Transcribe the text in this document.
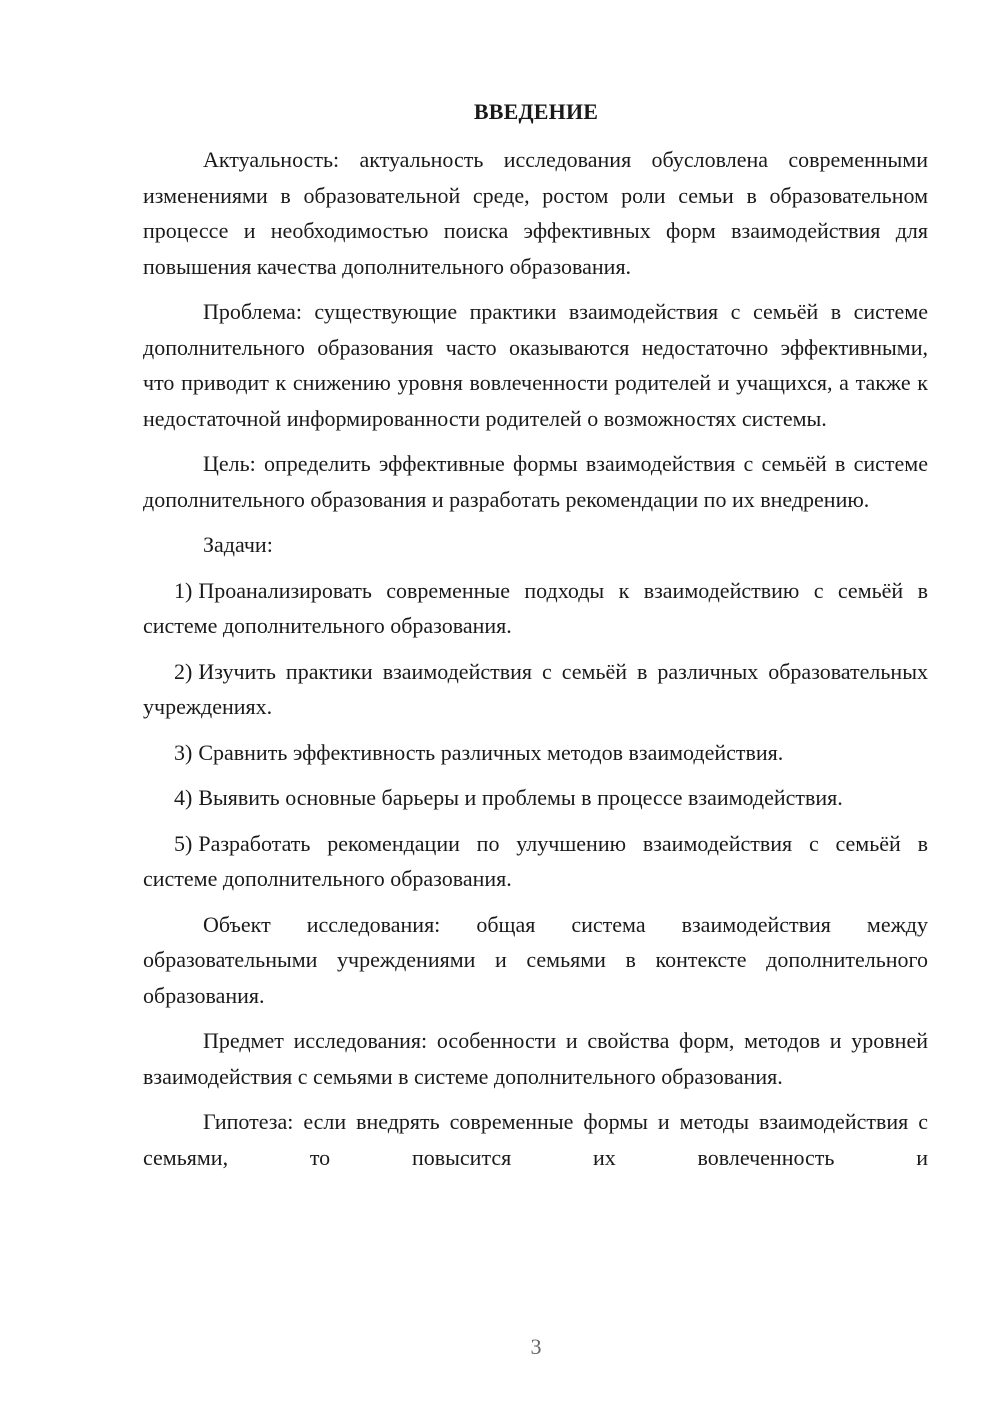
ВВЕДЕНИЕ

Актуальность: актуальность исследования обусловлена современными изменениями в образовательной среде, ростом роли семьи в образовательном процессе и необходимостью поиска эффективных форм взаимодействия для повышения качества дополнительного образования.

Проблема: существующие практики взаимодействия с семьёй в системе дополнительного образования часто оказываются недостаточно эффективными, что приводит к снижению уровня вовлеченности родителей и учащихся, а также к недостаточной информированности родителей о возможностях системы.

Цель: определить эффективные формы взаимодействия с семьёй в системе дополнительного образования и разработать рекомендации по их внедрению.

Задачи:

1) Проанализировать современные подходы к взаимодействию с семьёй в системе дополнительного образования.

2) Изучить практики взаимодействия с семьёй в различных образовательных учреждениях.

3) Сравнить эффективность различных методов взаимодействия.

4) Выявить основные барьеры и проблемы в процессе взаимодействия.

5) Разработать рекомендации по улучшению взаимодействия с семьёй в системе дополнительного образования.

Объект исследования: общая система взаимодействия между образовательными учреждениями и семьями в контексте дополнительного образования.

Предмет исследования: особенности и свойства форм, методов и уровней взаимодействия с семьями в системе дополнительного образования.

Гипотеза: если внедрять современные формы и методы взаимодействия с семьями, то повысится их вовлеченность и

3
